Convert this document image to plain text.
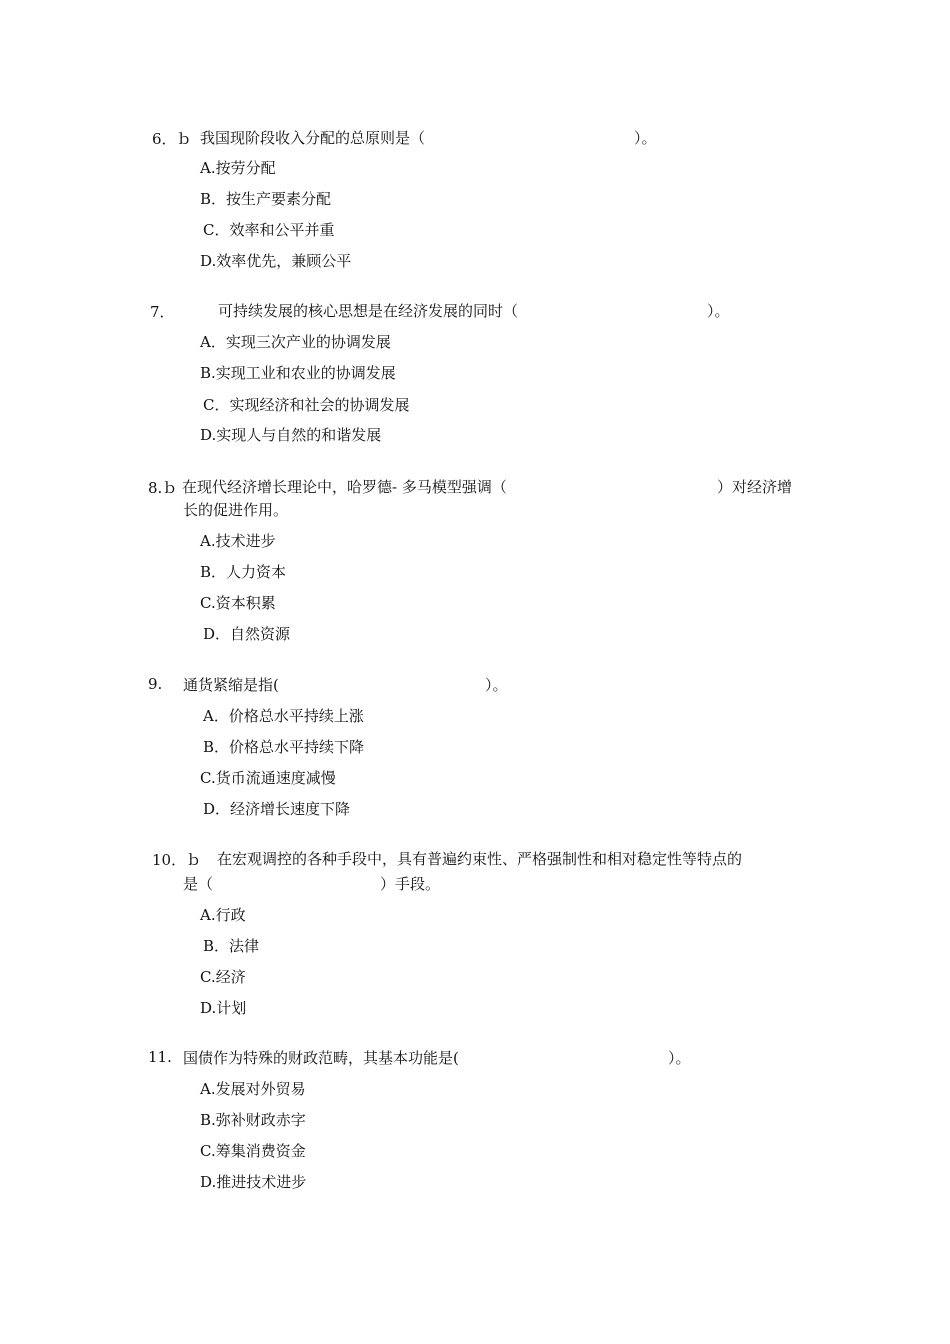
6．ｂ 我国现阶段收入分配的总原则是（	）。
A.按劳分配
B．按生产要素分配
C．效率和公平并重
D.效率优先，兼顾公平
7．	可持续发展的核心思想是在经济发展的同时（	）。
A．实现三次产业的协调发展
B.实现工业和农业的协调发展
C．实现经济和社会的协调发展
D.实现人与自然的和谐发展
8.ｂ 在现代经济增长理论中，哈罗德- 多马模型强调（	）对经济增
长的促进作用。
A.技术进步
B．人力资本
C.资本积累
D．自然资源
9. 通货紧缩是指(	）。
A．价格总水平持续上涨
B．价格总水平持续下降
C.货币流通速度减慢
D．经济增长速度下降
10．ｂ 在宏观调控的各种手段中，具有普遍约束性、严格强制性和相对稳定性等特点的
是（	）手段。
A.行政
B．法律
C.经济
D.计划
11. 国债作为特殊的财政范畴，其基本功能是(	）。
A.发展对外贸易
B.弥补财政赤字
C.筹集消费资金
D.推进技术进步
